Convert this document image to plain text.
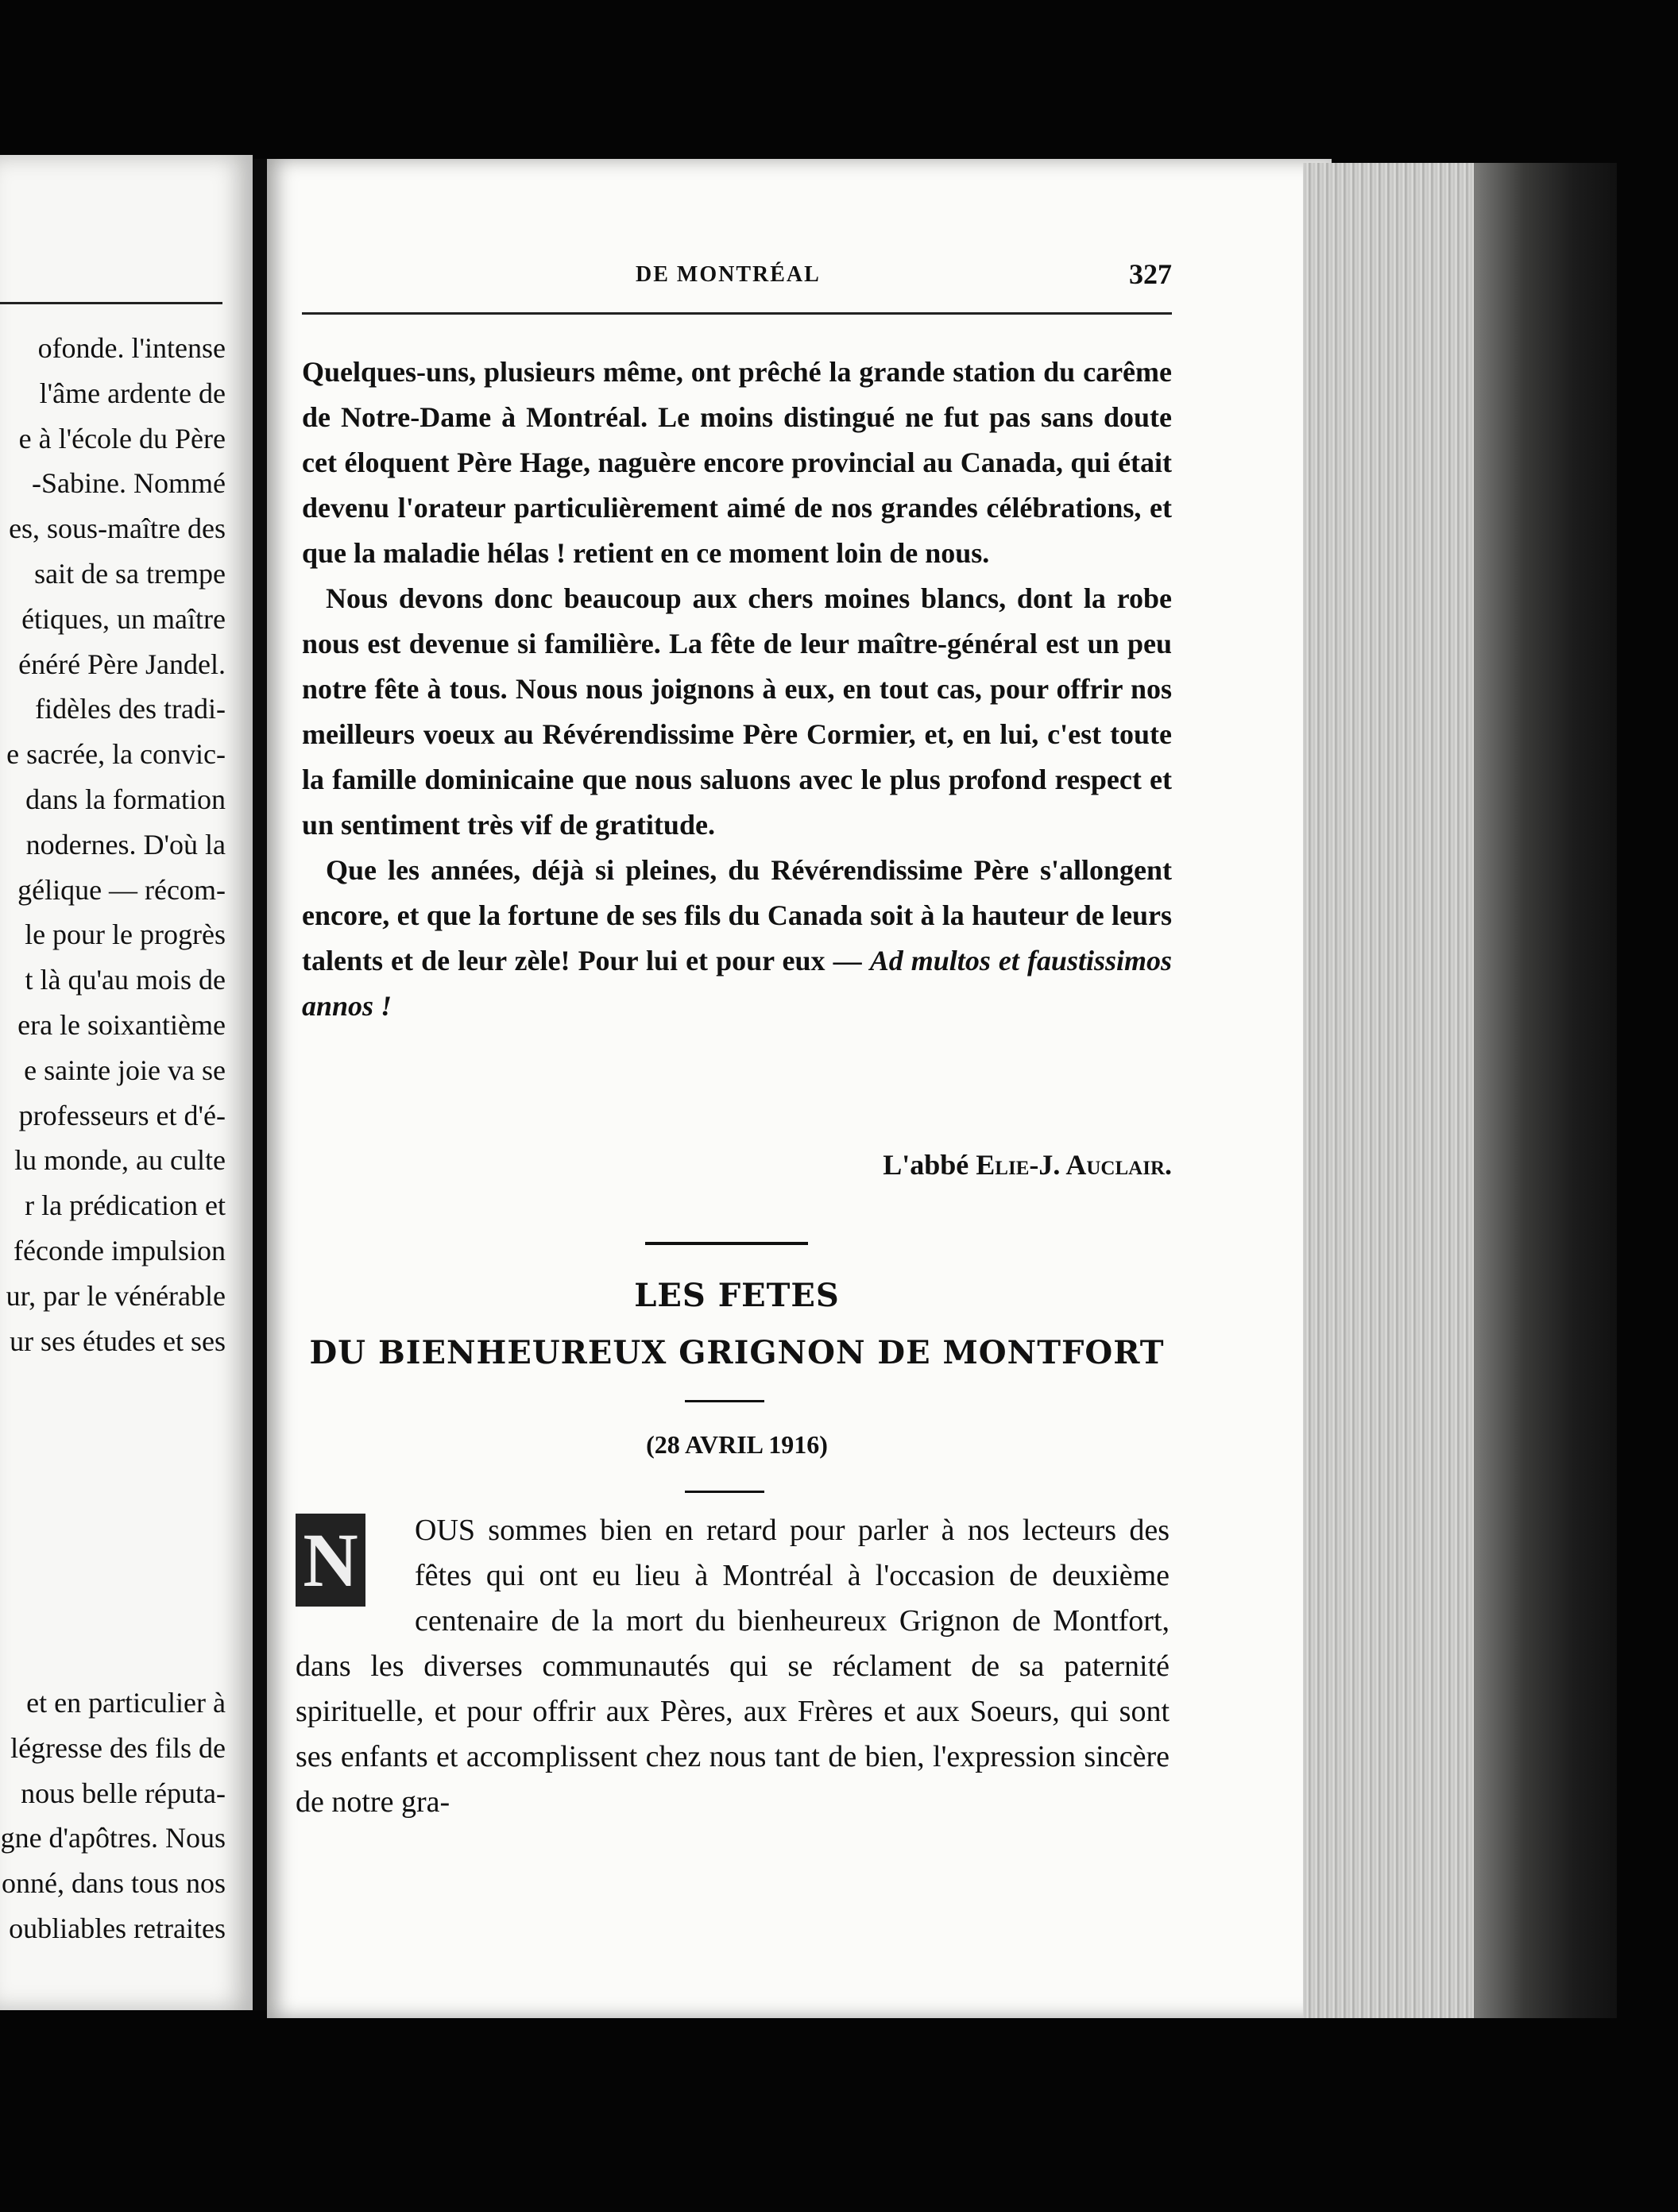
ofonde. l'intense
l'âme ardente de
e à l'école du Père
-Sabine. Nommé
es, sous-maître des
sait de sa trempe
étiques, un maître
énéré Père Jandel.
fidèles des tradi-
e sacrée, la convic-
dans la formation
nodernes. D'où la
gélique — récom-
le pour le progrès
t là qu'au mois de
era le soixantième
e sainte joie va se
professeurs et d'é-
lu monde, au culte
r la prédication et
féconde impulsion
ur, par le vénérable
ur ses études et ses
et en particulier à
légresse des fils de
nous belle réputa-
gne d'apôtres. Nous
onné, dans tous nos
oubliables retraites
DE MONTRÉAL	327

Quelques-uns, plusieurs même, ont prêché la grande station du carême de Notre-Dame à Montréal. Le moins distingué ne fut pas sans doute cet éloquent Père Hage, naguère encore provincial au Canada, qui était devenu l'orateur particulièrement aimé de nos grandes célébrations, et que la maladie hélas ! retient en ce moment loin de nous.

Nous devons donc beaucoup aux chers moines blancs, dont la robe nous est devenue si familière. La fête de leur maître-général est un peu notre fête à tous. Nous nous joignons à eux, en tout cas, pour offrir nos meilleurs voeux au Révérendissime Père Cormier, et, en lui, c'est toute la famille dominicaine que nous saluons avec le plus profond respect et un sentiment très vif de gratitude.

Que les années, déjà si pleines, du Révérendissime Père s'allongent encore, et que la fortune de ses fils du Canada soit à la hauteur de leurs talents et de leur zèle! Pour lui et pour eux — Ad multos et faustissimos annos !

L'abbé Elie-J. Auclair.
LES FETES
DU BIENHEUREUX GRIGNON DE MONTFORT
(28 AVRIL 1916)
N	OUS sommes bien en retard pour parler à nos lecteurs des fêtes qui ont eu lieu à Montréal à l'occasion de deuxième centenaire de la mort du bienheureux Grignon de Montfort, dans les diverses communautés qui se réclament de sa paternité spirituelle, et pour offrir aux Pères, aux Frères et aux Soeurs, qui sont ses enfants et accomplissent chez nous tant de bien, l'expression sincère de notre gra-
